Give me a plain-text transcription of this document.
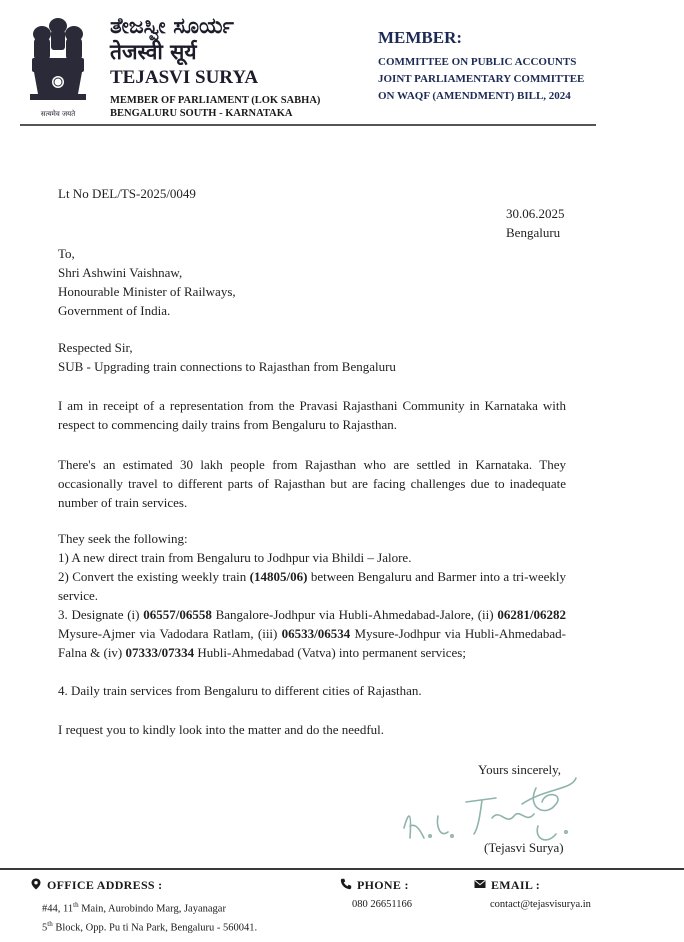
सत्यमेव जयते
ತೇಜಸ್ವೀ ಸೂರ್ಯ
तेजस्वी सूर्य
TEJASVI SURYA
MEMBER OF PARLIAMENT (LOK SABHA)
BENGALURU SOUTH - KARNATAKA
MEMBER:
COMMITTEE ON PUBLIC ACCOUNTS
JOINT PARLIAMENTARY COMMITTEE
ON WAQF (AMENDMENT) BILL, 2024
Lt No DEL/TS-2025/0049
30.06.2025
Bengaluru
To,
Shri Ashwini Vaishnaw,
Honourable Minister of Railways,
Government of India.
Respected Sir,
SUB - Upgrading train connections to Rajasthan from Bengaluru
I am in receipt of a representation from the Pravasi Rajasthani Community in Karnataka with respect to commencing daily trains from Bengaluru to Rajasthan.
There's an estimated 30 lakh people from Rajasthan who are settled in Karnataka. They occasionally travel to different parts of Rajasthan but are facing challenges due to inadequate number of train services.
They seek the following:
1) A new direct train from Bengaluru to Jodhpur via Bhildi – Jalore.
2) Convert the existing weekly train (14805/06) between Bengaluru and Barmer into a tri-weekly service.
3. Designate (i) 06557/06558 Bangalore-Jodhpur via Hubli-Ahmedabad-Jalore, (ii) 06281/06282 Mysure-Ajmer via Vadodara Ratlam, (iii) 06533/06534 Mysure-Jodhpur via Hubli-Ahmedabad-Falna & (iv) 07333/07334 Hubli-Ahmedabad (Vatva) into permanent services;
4. Daily train services from Bengaluru to different cities of Rajasthan.
I request you to kindly look into the matter and do the needful.
Yours sincerely,
(Tejasvi Surya)
OFFICE ADDRESS :
#44, 11th Main, Aurobindo Marg, Jayanagar
5th Block, Opp. Pu ti Na Park, Bengaluru - 560041.
PHONE :
080 26651166
EMAIL :
contact@tejasvisurya.in
